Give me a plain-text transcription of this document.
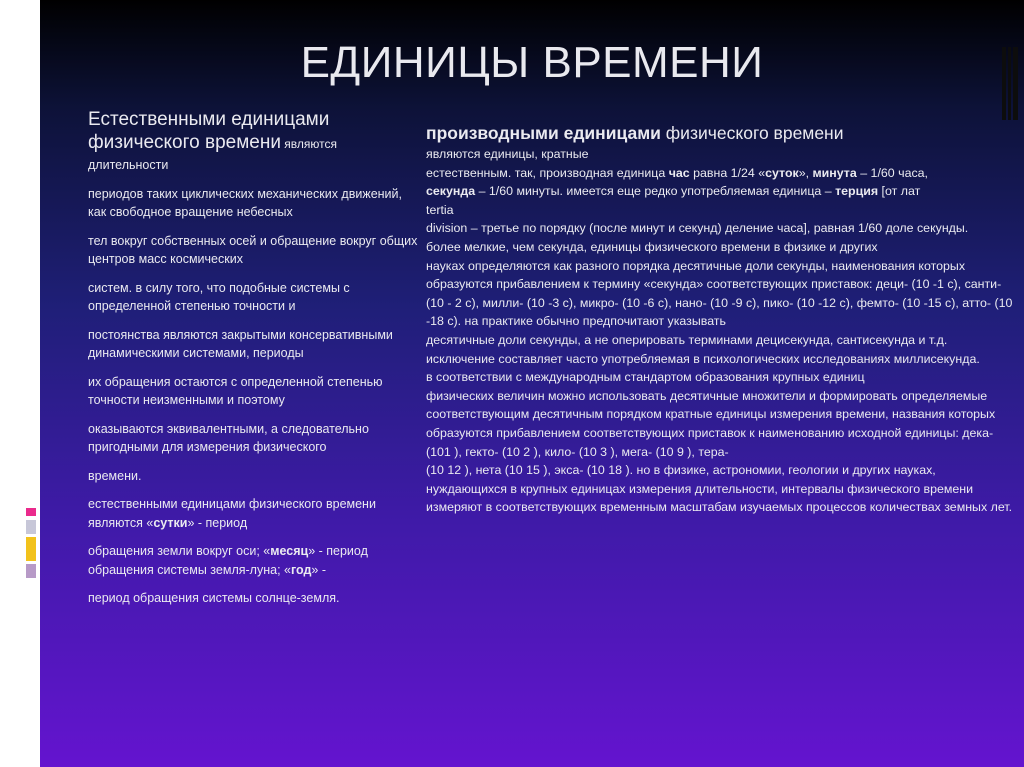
ЕДИНИЦЫ ВРЕМЕНИ
Естественными единицами физического времени являются

длительности

периодов таких циклических механических движений, как свободное вращение небесных

тел вокруг собственных осей и обращение вокруг общих центров масс космических

систем. в силу того, что подобные системы с определенной степенью точности и

постоянства являются закрытыми консервативными динамическими системами, периоды

их обращения остаются с определенной степенью точности неизменными и поэтому

оказываются эквивалентными, а следовательно пригодными для измерения физического

времени.

естественными единицами физического времени являются «сутки» - период

обращения земли вокруг оси; «месяц» - период обращения системы земля-луна; «год» -

период обращения системы солнце-земля.

производными единицами физического времени

являются единицы, кратные

естественным. так, производная единица час равна 1/24 «суток», минута – 1/60 часа,

секунда – 1/60 минуты. имеется еще редко употребляемая единица – терция [от лат

tertia

division – третье по порядку (после минут и секунд) деление часа], равная 1/60 доле секунды.

более мелкие, чем секунда, единицы физического времени в физике и других

науках определяются как разного порядка десятичные доли секунды, наименования которых образуются прибавлением к термину «секунда» соответствующих приставок: деци- (10 -1 с), санти- (10 - 2 с), милли- (10 -3 с), микро- (10 -6 с), нано- (10 -9 с), пико- (10 -12 с), фемто- (10 -15 с), атто- (10 -18 с). на практике обычно предпочитают указывать

десятичные доли секунды, а не оперировать терминами децисекунда, сантисекунда и т.д.

исключение составляет часто употребляемая в психологических исследованиях миллисекунда.

в соответствии с международным стандартом образования крупных единиц

физических величин можно использовать десятичные множители и формировать определяемые соответствующим десятичным порядком кратные единицы измерения времени, названия которых образуются прибавлением соответствующих приставок к наименованию исходной единицы: дека- (101 ), гекто- (10 2 ), кило- (10 3 ), мега- (10 9 ), тера-

(10 12 ), нета (10 15 ), экса- (10 18 ). но в физике, астрономии, геологии и других науках, нуждающихся в крупных единицах измерения длительности, интервалы физического времени измеряют в соответствующих временным масштабам изучаемых процессов количествах земных лет.
